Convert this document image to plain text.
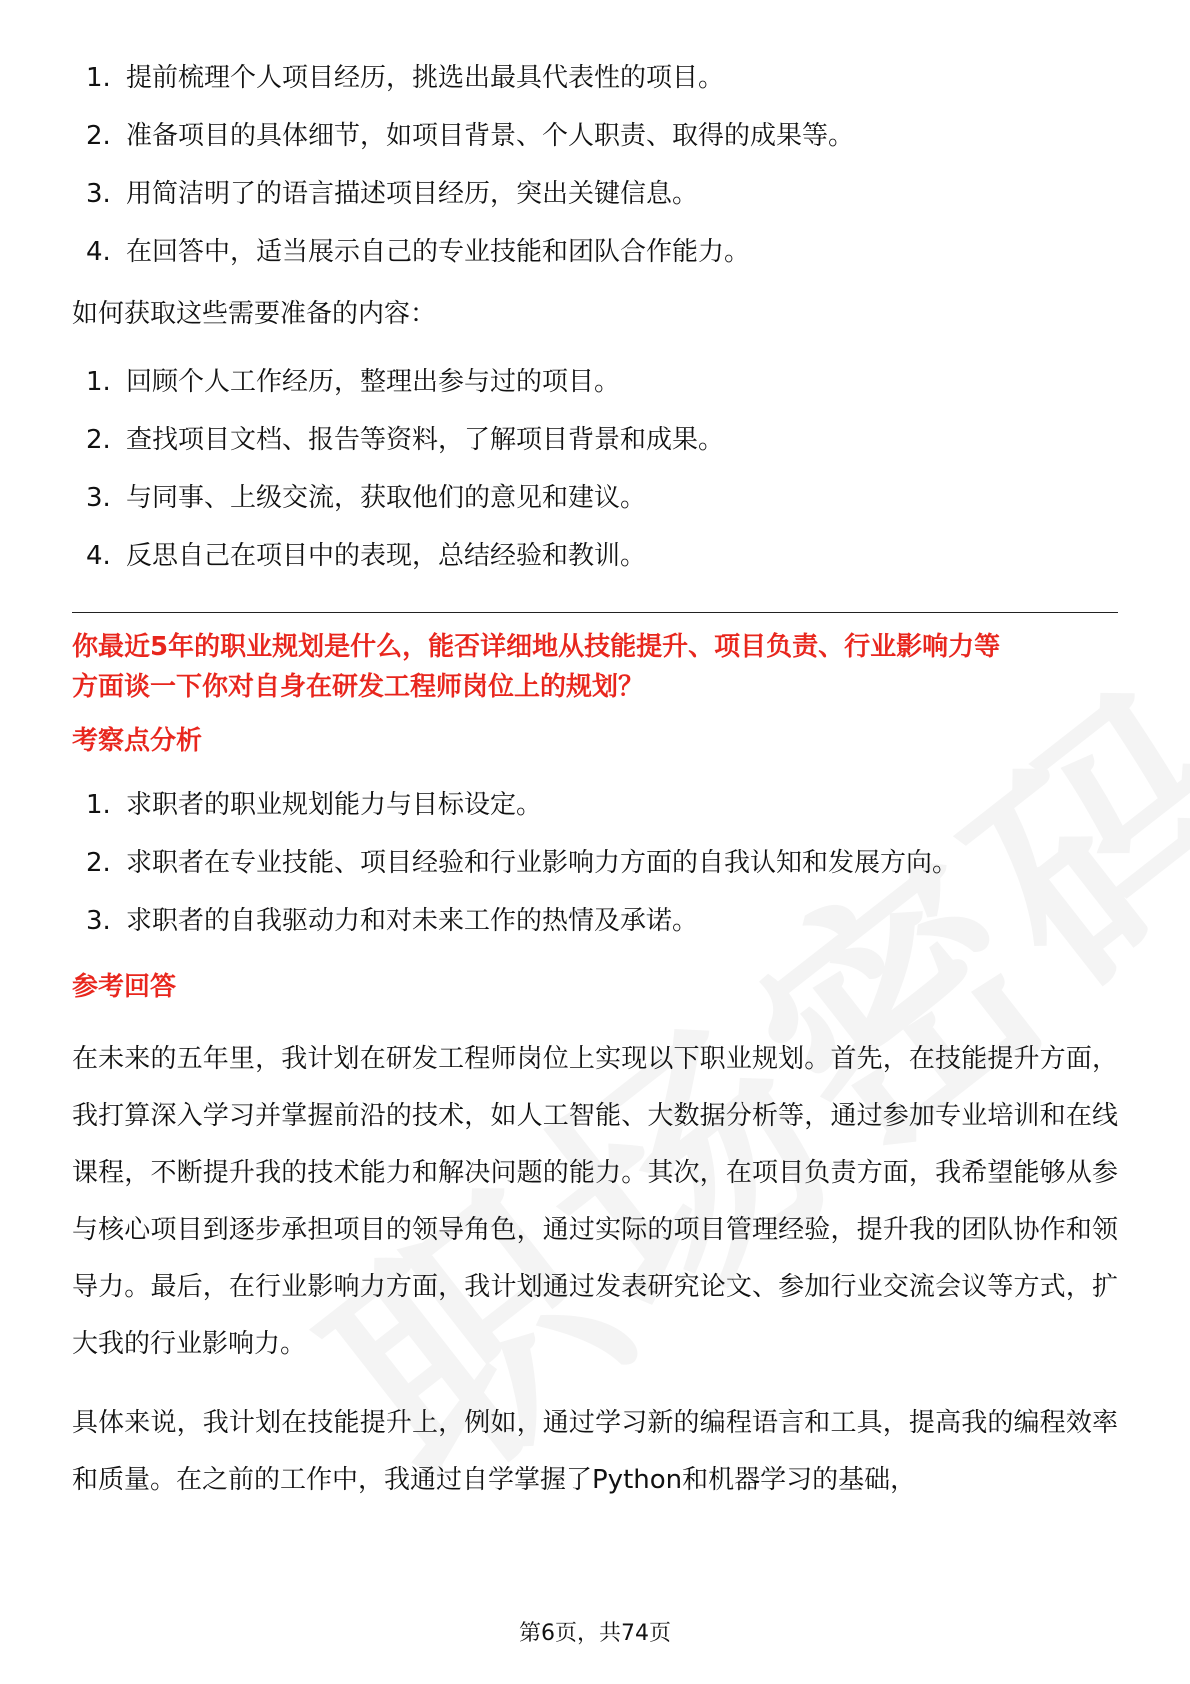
1. 提前梳理个人项目经历，挑选出最具代表性的项目。
2. 准备项目的具体细节，如项目背景、个人职责、取得的成果等。
3. 用简洁明了的语言描述项目经历，突出关键信息。
4. 在回答中，适当展示自己的专业技能和团队合作能力。

如何获取这些需要准备的内容：

1. 回顾个人工作经历，整理出参与过的项目。
2. 查找项目文档、报告等资料，了解项目背景和成果。
3. 与同事、上级交流，获取他们的意见和建议。
4. 反思自己在项目中的表现，总结经验和教训。

你最近5年的职业规划是什么，能否详细地从技能提升、项目负责、行业影响力等

方面谈一下你对自身在研发工程师岗位上的规划？

考察点分析

1. 求职者的职业规划能力与目标设定。
2. 求职者在专业技能、项目经验和行业影响力方面的自我认知和发展方向。
3. 求职者的自我驱动力和对未来工作的热情及承诺。

参考回答

在未来的五年里，我计划在研发工程师岗位上实现以下职业规划。首先，在技能提升方面，我打算深入学习并掌握前沿的技术，如人工智能、大数据分析等，通过参加专业培训和在线课程，不断提升我的技术能力和解决问题的能力。其次，在项目负责方面，我希望能够从参与核心项目到逐步承担项目的领导角色，通过实际的项目管理经验，提升我的团队协作和领导力。最后，在行业影响力方面，我计划通过发表研究论文、参加行业交流会议等方式，扩大我的行业影响力。

具体来说，我计划在技能提升上，例如，通过学习新的编程语言和工具，提高我的编程效率和质量。在之前的工作中，我通过自学掌握了Python和机器学习的基础，

第6页，共74页
